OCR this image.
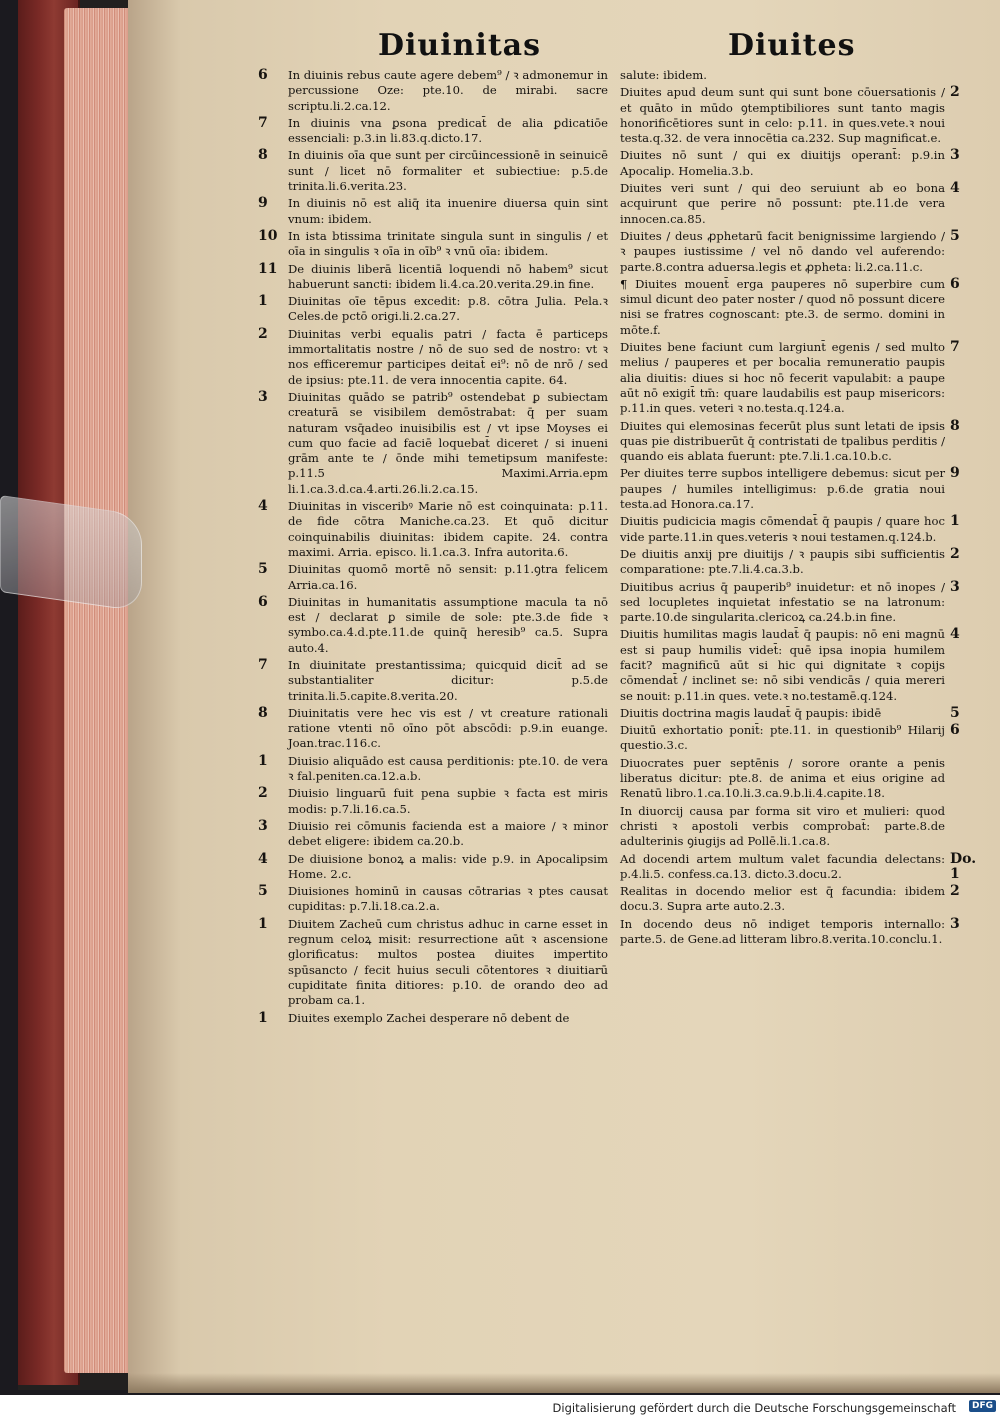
Diuinitas	Diuites
6 In diuinis rebus caute agere debem⁹ / ꝛ admonemur in percussione Oze: pte.10. de mirabi. sacre scriptu.li.2.ca.12.
7 In diuinis vna ꝑsona predicat̄ de alia ꝑdicatiōe essenciali: p.3.in li.83.q.dicto.17.
8 In diuinis oīa que sunt per circūincessionē in seinuicē sunt / licet nō formaliter et subiectiue: p.5.de trinita.li.6.verita.23.
9 In diuinis nō est aliq̄ ita inuenire diuersa quin sint vnum: ibidem.
10 In ista btissima trinitate singula sunt in singulis / et oīa in singulis ꝛ oīa in oīb⁹ ꝛ vnū oīa: ibidem.
11 De diuinis liberā licentiā loquendi nō habem⁹ sicut habuerunt sancti: ibidem li.4.ca.20.verita.29.in fine.
1 Diuinitas oīe tēpus excedit: p.8. cōtra Julia. Pela.ꝛ Celes.de pctō origi.li.2.ca.27.
2 Diuinitas verbi equalis patri / facta ē particeps immortalitatis nostre / nō de suo sed de nostro: vt ꝛ nos efficeremur participes deitat̄ ei⁹: nō de nrō / sed de ipsius: pte.11. de vera innocentia capite. 64.
3 Diuinitas quādo se patrib⁹ ostendebat ꝑ subiectam creaturā se visibilem demōstrabat: q̄ per suam naturam vsq̄adeo inuisibilis est / vt ipse Moyses ei cum quo facie ad faciē loquebat̄ diceret / si inueni grām ante te / ōnde mihi temetipsum manifeste: p.11.5 Maximi.Arria.epm li.1.ca.3.d.ca.4.arti.26.li.2.ca.15.
4 Diuinitas in visceribꝰ Marie nō est coinquinata: p.11. de fide cōtra Maniche.ca.23. Et quō dicitur coinquinabilis diuinitas: ibidem capite. 24. contra maximi. Arria. episco. li.1.ca.3. Infra autorita.6.
5 Diuinitas quomō mortē nō sensit: p.11.ꝯtra felicem Arria.ca.16.
6 Diuinitas in humanitatis assumptione macula ta nō est / declarat ꝑ simile de sole: pte.3.de fide ꝛ symbo.ca.4.d.pte.11.de quinq̄ heresib⁹ ca.5. Supra auto.4.
7 In diuinitate prestantissima; quicquid dicit̄ ad se substantialiter dicitur: p.5.de trinita.li.5.capite.8.verita.20.
8 Diuinitatis vere hec vis est / vt creature rationali ratione vtenti nō oīno pōt abscōdi: p.9.in euange. Joan.trac.116.c.
1 Diuisio aliquādo est causa perditionis: pte.10. de vera ꝛ fal.peniten.ca.12.a.b.
2 Diuisio linguarū fuit pena supbie ꝛ facta est miris modis: p.7.li.16.ca.5.
3 Diuisio rei cōmunis facienda est a maiore / ꝛ minor debet eligere: ibidem ca.20.b.
4 De diuisione bonoꝝ a malis: vide p.9. in Apocalipsim Home. 2.c.
5 Diuisiones hominū in causas cōtrarias ꝛ ptes causat cupiditas: p.7.li.18.ca.2.a.
1 Diuitem Zacheū cum christus adhuc in carne esset in regnum celoꝝ misit: resurrectione aūt ꝛ ascensione glorificatus: multos postea diuites impertito spūsancto / fecit huius seculi cōtentores ꝛ diuitiarū cupiditate finita ditiores: p.10. de orando deo ad probam ca.1.
1 Diuites exemplo Zachei desperare nō debent de
salute: ibidem.
2
Diuites apud deum sunt qui sunt bone cōuersationis / et quāto in mūdo ꝯtemptibiliores sunt tanto magis honorificētiores sunt in celo: p.11. in ques.vete.ꝛ noui testa.q.32. de vera innocētia ca.232. Sup magnificat.e.
3
Diuites nō sunt / qui ex diuitijs operant̄: p.9.in Apocalip. Homelia.3.b.
4
Diuites veri sunt / qui deo seruiunt ab eo bona acquirunt que perire nō possunt: pte.11.de vera innocen.ca.85.
5
Diuites / deus ꝓphetarū facit benignissime largiendo / ꝛ paupes iustissime / vel nō dando vel auferendo: parte.8.contra aduersa.legis et ꝓpheta: li.2.ca.11.c.
6
¶ Diuites mouent̄ erga pauperes nō superbire cum simul dicunt deo pater noster / quod nō possunt dicere nisi se fratres cognoscant: pte.3. de sermo. domini in mōte.f.
7
Diuites bene faciunt cum largiunt̄ egenis / sed multo melius / pauperes et per bocalia remuneratio paupis alia diuitis: diues si hoc nō fecerit vapulabit: a paupe aūt nō exigit̄ tm̄: quare laudabilis est paup misericors: p.11.in ques. veteri ꝛ no.testa.q.124.a.
8
Diuites qui elemosinas fecerūt plus sunt letati de ipsis quas pie distribuerūt q̄ contristati de tpalibus perditis / quando eis ablata fuerunt: pte.7.li.1.ca.10.b.c.
9
Per diuites terre supbos intelligere debemus: sicut per paupes / humiles intelligimus: p.6.de gratia noui testa.ad Honora.ca.17.
1
Diuitis pudicicia magis cōmendat̄ q̄ paupis / quare hoc vide parte.11.in ques.veteris ꝛ noui testamen.q.124.b.
2
De diuitis anxij pre diuitijs / ꝛ paupis sibi sufficientis comparatione: pte.7.li.4.ca.3.b.
3
Diuitibus acrius q̄ pauperib⁹ inuidetur: et nō inopes / sed locupletes inquietat infestatio se na latronum: parte.10.de singularita.clericoꝝ ca.24.b.in fine.
4
Diuitis humilitas magis laudat̄ q̄ paupis: nō eni magnū est si paup humilis videt̄: quē ipsa inopia humilem facit? magnificū aūt si hic qui dignitate ꝛ copijs cōmendat̄ / inclinet se: nō sibi vendicās / quia mereri se nouit: p.11.in ques. vete.ꝛ no.testamē.q.124.
5
Diuitis doctrina magis laudat̄ q̄ paupis: ibidē
6
Diuitū exhortatio ponit̄: pte.11. in questionib⁹ Hilarij questio.3.c.
Diuocrates puer septēnis / sorore orante a penis liberatus dicitur: pte.8. de anima et eius origine ad Renatū libro.1.ca.10.li.3.ca.9.b.li.4.capite.18.
In diuorcij causa par forma sit viro et mulieri: quod christi ꝛ apostoli verbis comprobat̄: parte.8.de adulterinis ꝯiugijs ad Pollē.li.1.ca.8.
Do. 1
Ad docendi artem multum valet facundia delectans: p.4.li.5. confess.ca.13. dicto.3.docu.2.
2
Realitas in docendo melior est q̄ facundia: ibidem docu.3. Supra arte auto.2.3.
3
In docendo deus nō indiget temporis internallo: parte.5. de Gene.ad litteram libro.8.verita.10.conclu.1.
Digitalisierung gefördert durch die Deutsche Forschungsgemeinschaft	DFG
